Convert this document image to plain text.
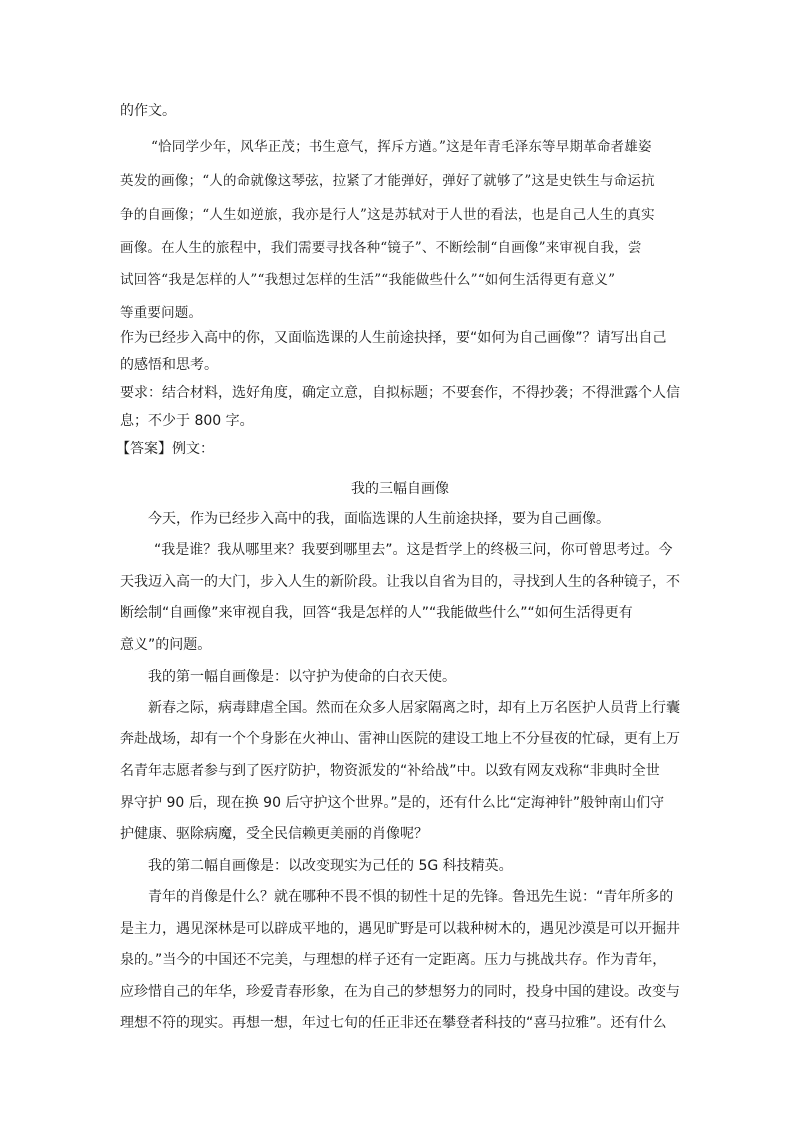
的作文。
“恰同学少年，风华正茂；书生意气，挥斥方遒。”这是年青毛泽东等早期革命者雄姿
英发的画像；“人的命就像这琴弦，拉紧了才能弹好，弹好了就够了”这是史铁生与命运抗
争的自画像；“人生如逆旅，我亦是行人”这是苏轼对于人世的看法，也是自己人生的真实
画像。在人生的旅程中，我们需要寻找各种“镜子”、不断绘制“自画像”来审视自我，尝
试回答“我是怎样的人”“我想过怎样的生活”“我能做些什么”“如何生活得更有意义”
等重要问题。
作为已经步入高中的你，又面临选课的人生前途抉择，要“如何为自己画像”？请写出自己
的感悟和思考。
要求：结合材料，选好角度，确定立意，自拟标题；不要套作，不得抄袭；不得泄露个人信
息；不少于 800 字。
【答案】例文：
我的三幅自画像
今天，作为已经步入高中的我，面临选课的人生前途抉择，要为自己画像。
“我是谁？我从哪里来？我要到哪里去”。这是哲学上的终极三问，你可曾思考过。今
天我迈入高一的大门，步入人生的新阶段。让我以自省为目的，寻找到人生的各种镜子，不
断绘制“自画像”来审视自我，回答“我是怎样的人”“我能做些什么”“如何生活得更有
意义”的问题。
我的第一幅自画像是：以守护为使命的白衣天使。
新春之际，病毒肆虐全国。然而在众多人居家隔离之时，却有上万名医护人员背上行囊
奔赴战场，却有一个个身影在火神山、雷神山医院的建设工地上不分昼夜的忙碌，更有上万
名青年志愿者参与到了医疗防护，物资派发的“补给战”中。以致有网友戏称“非典时全世
界守护 90 后，现在换 90 后守护这个世界。”是的，还有什么比“定海神针”般钟南山们守
护健康、驱除病魔，受全民信赖更美丽的肖像呢？
我的第二幅自画像是：以改变现实为己任的 5G 科技精英。
青年的肖像是什么？就在哪种不畏不惧的韧性十足的先锋。鲁迅先生说：“青年所多的
是主力，遇见深林是可以辟成平地的，遇见旷野是可以栽种树木的，遇见沙漠是可以开掘井
泉的。”当今的中国还不完美，与理想的样子还有一定距离。压力与挑战共存。作为青年，
应珍惜自己的年华，珍爱青春形象，在为自己的梦想努力的同时，投身中国的建设。改变与
理想不符的现实。再想一想，年过七旬的任正非还在攀登者科技的“喜马拉雅”。还有什么
